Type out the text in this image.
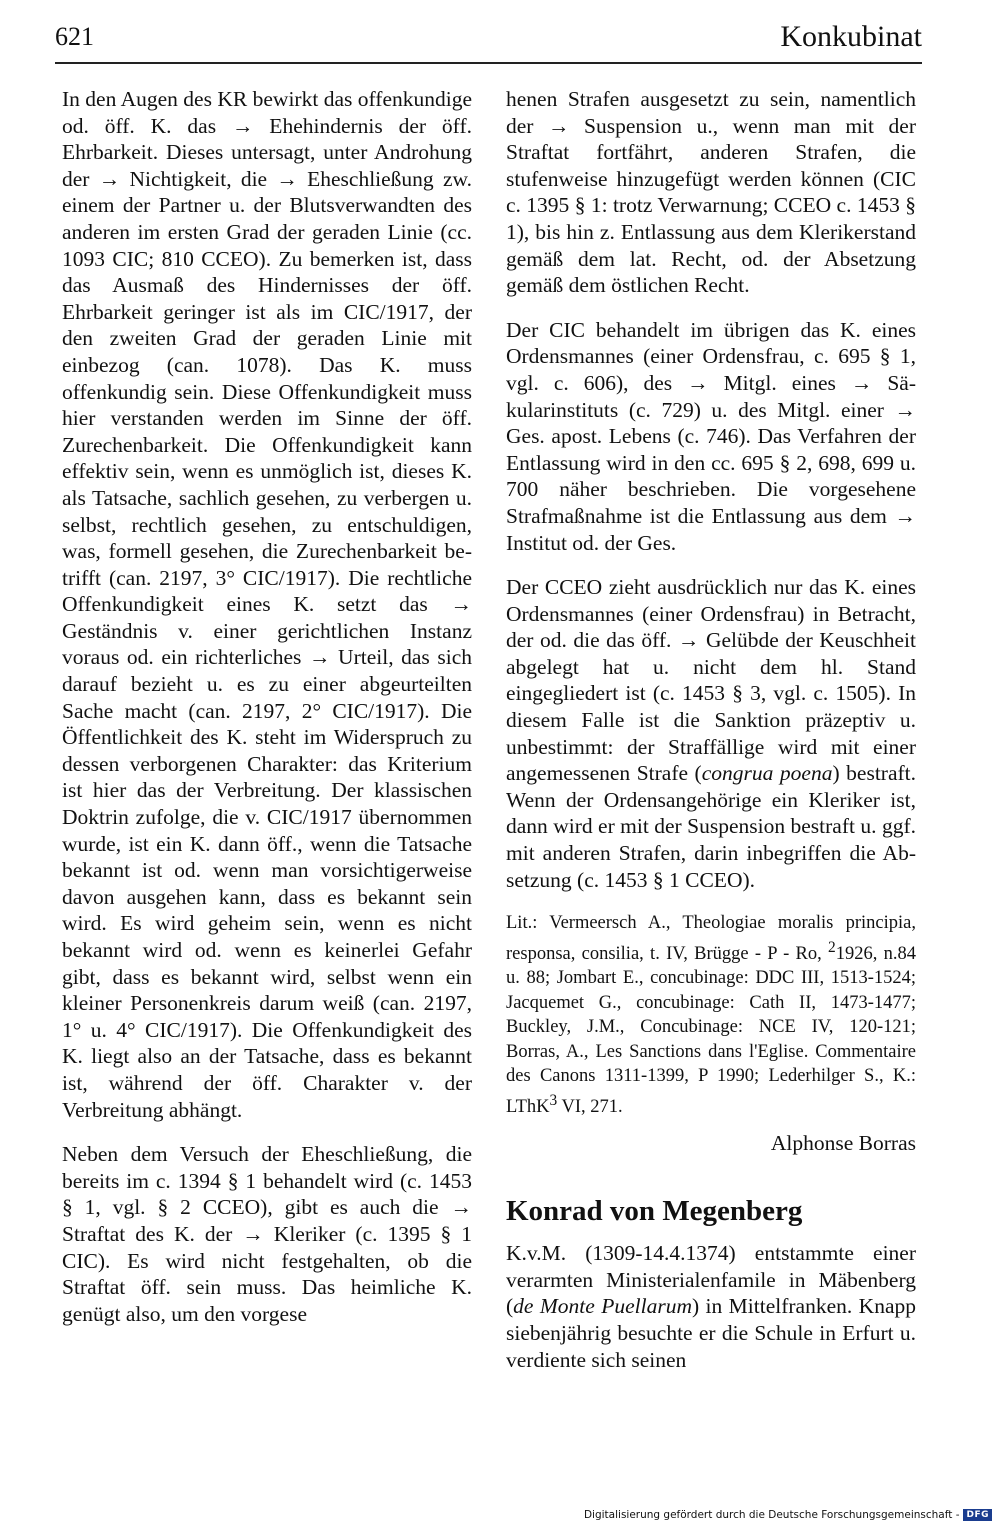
621	Konkubinat

In den Augen des KR bewirkt das offenkundige od. öff. K. das → Ehehindernis der öff. Ehrbarkeit. Dieses untersagt, unter Androhung der → Nichtigkeit, die → Eheschließung zw. einem der Partner u. der Blutsverwandten des anderen im ersten Grad der geraden Linie (cc. 1093 CIC; 810 CCEO). Zu bemerken ist, dass das Ausmaß des Hindernisses der öff. Ehrbarkeit geringer ist als im CIC/1917, der den zweiten Grad der geraden Linie mit einbezog (can. 1078). Das K. muss offenkundig sein. Diese Offenkundigkeit muss hier verstanden werden im Sinne der öff. Zurechenbarkeit. Die Offenkundigkeit kann effektiv sein, wenn es unmöglich ist, dieses K. als Tatsache, sachlich gesehen, zu verbergen u. selbst, rechtlich gesehen, zu entschuldigen, was, formell gesehen, die Zurechenbarkeit betrifft (can. 2197, 3° CIC/1917). Die rechtliche Offenkundigkeit eines K. setzt das → Geständnis v. einer gerichtlichen Instanz voraus od. ein richterliches → Urteil, das sich darauf bezieht u. es zu einer abgeurteilten Sache macht (can. 2197, 2° CIC/1917). Die Öffentlichkeit des K. steht im Widerspruch zu dessen verborgenen Charakter: das Kriterium ist hier das der Verbreitung. Der klassischen Doktrin zufolge, die v. CIC/1917 übernommen wurde, ist ein K. dann öff., wenn die Tatsache bekannt ist od. wenn man vorsichtigerweise davon ausgehen kann, dass es bekannt sein wird. Es wird geheim sein, wenn es nicht bekannt wird od. wenn es keinerlei Gefahr gibt, dass es bekannt wird, selbst wenn ein kleiner Personenkreis darum weiß (can. 2197, 1° u. 4° CIC/1917). Die Offenkundigkeit des K. liegt also an der Tatsache, dass es bekannt ist, während der öff. Charakter v. der Verbreitung abhängt.

Neben dem Versuch der Eheschließung, die bereits im c. 1394 § 1 behandelt wird (c. 1453 § 1, vgl. § 2 CCEO), gibt es auch die → Straftat des K. der → Kleriker (c. 1395 § 1 CIC). Es wird nicht festgehalten, ob die Straftat öff. sein muss. Das heimliche K. genügt also, um den vorgese

henen Strafen ausgesetzt zu sein, namentlich der → Suspension u., wenn man mit der Straftat fortfährt, anderen Strafen, die stufenweise hinzugefügt werden können (CIC c. 1395 § 1: trotz Verwarnung; CCEO c. 1453 § 1), bis hin z. Entlassung aus dem Klerikerstand gemäß dem lat. Recht, od. der Absetzung gemäß dem östlichen Recht.

Der CIC behandelt im übrigen das K. eines Ordensmannes (einer Ordensfrau, c. 695 § 1, vgl. c. 606), des → Mitgl. eines → Säkularinstituts (c. 729) u. des Mitgl. einer → Ges. apost. Lebens (c. 746). Das Verfahren der Entlassung wird in den cc. 695 § 2, 698, 699 u. 700 näher beschrieben. Die vorgesehene Strafmaßnahme ist die Entlassung aus dem → Institut od. der Ges.

Der CCEO zieht ausdrücklich nur das K. eines Ordensmannes (einer Ordensfrau) in Betracht, der od. die das öff. → Gelübde der Keuschheit abgelegt hat u. nicht dem hl. Stand eingegliedert ist (c. 1453 § 3, vgl. c. 1505). In diesem Falle ist die Sanktion präzeptiv u. unbestimmt: der Straffällige wird mit einer angemessenen Strafe (congrua poena) bestraft. Wenn der Ordensangehörige ein Kleriker ist, dann wird er mit der Suspension bestraft u. ggf. mit anderen Strafen, darin inbegriffen die Absetzung (c. 1453 § 1 CCEO).

Lit.: Vermeersch A., Theologiae moralis principia, responsa, consilia, t. IV, Brügge - P - Ro, $^2$1926, n.84 u. 88; Jombart E., concubinage: DDC III, 1513-1524; Jacquemet G., concubinage: Cath II, 1473-1477; Buckley, J.M., Concubinage: NCE IV, 120-121; Borras, A., Les Sanctions dans l'Eglise. Commentaire des Canons 1311-1399, P 1990; Lederhilger S., K.: LThK$^3$ VI, 271.

Alphonse Borras

Konrad von Megenberg

K.v.M. (1309-14.4.1374) entstammte einer verarmten Ministerialenfamile in Mäbenberg (de Monte Puellarum) in Mittelfranken. Knapp siebenjährig besuchte er die Schule in Erfurt u. verdiente sich seinen

Digitalisierung gefördert durch die Deutsche Forschungsgemeinschaft - DFG
